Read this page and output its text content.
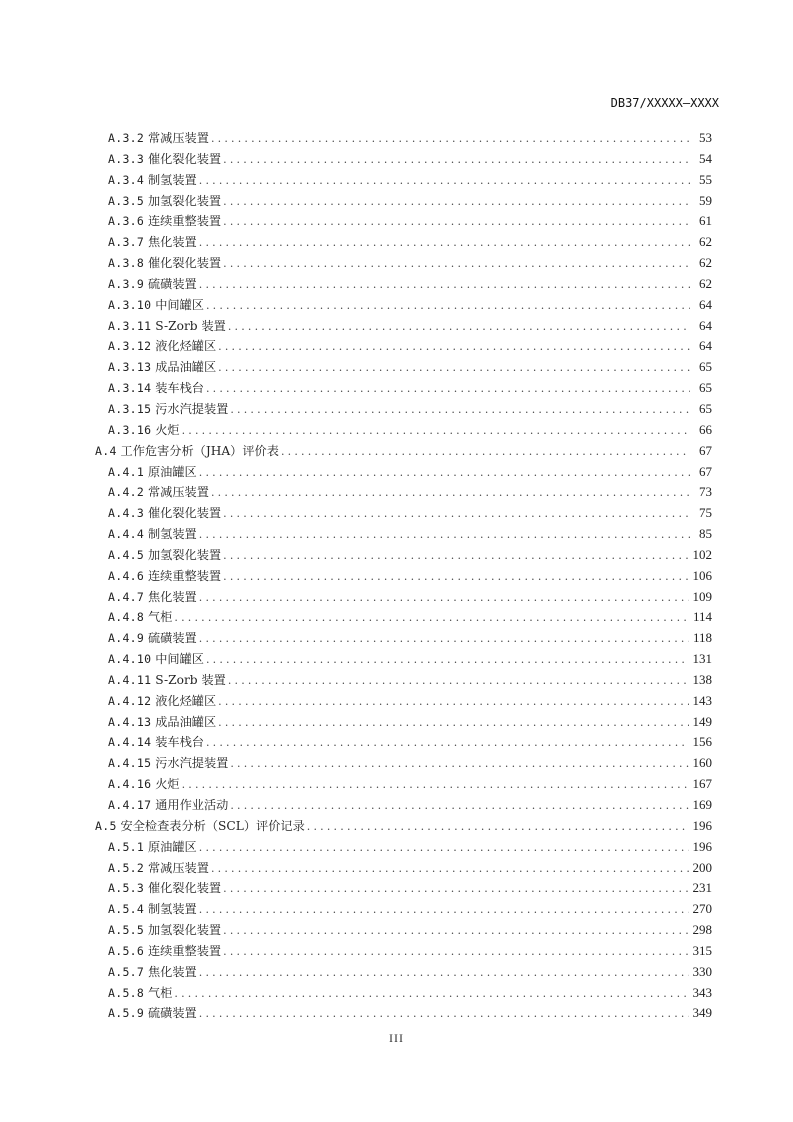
DB37/XXXXX—XXXX
A.3.2 常减压装置 .....	53
A.3.3 催化裂化装置 .....	54
A.3.4 制氢装置 .....	55
A.3.5 加氢裂化装置 .....	59
A.3.6 连续重整装置 .....	61
A.3.7 焦化装置 .....	62
A.3.8 催化裂化装置 .....	62
A.3.9 硫磺装置 .....	62
A.3.10 中间罐区 .....	64
A.3.11 S-Zorb 装置 .....	64
A.3.12 液化烃罐区 .....	64
A.3.13 成品油罐区 .....	65
A.3.14 装车栈台 .....	65
A.3.15 污水汽提装置 .....	65
A.3.16 火炬 .....	66
A.4 工作危害分析（JHA）评价表 .....	67
A.4.1 原油罐区 .....	67
A.4.2 常减压装置 .....	73
A.4.3 催化裂化装置 .....	75
A.4.4 制氢装置 .....	85
A.4.5 加氢裂化装置 .....	102
A.4.6 连续重整装置 .....	106
A.4.7 焦化装置 .....	109
A.4.8 气柜 .....	114
A.4.9 硫磺装置 .....	118
A.4.10 中间罐区 .....	131
A.4.11 S-Zorb 装置 .....	138
A.4.12 液化烃罐区 .....	143
A.4.13 成品油罐区 .....	149
A.4.14 装车栈台 .....	156
A.4.15 污水汽提装置 .....	160
A.4.16 火炬 .....	167
A.4.17 通用作业活动 .....	169
A.5 安全检查表分析（SCL）评价记录 .....	196
A.5.1 原油罐区 .....	196
A.5.2 常减压装置 .....	200
A.5.3 催化裂化装置 .....	231
A.5.4 制氢装置 .....	270
A.5.5 加氢裂化装置 .....	298
A.5.6 连续重整装置 .....	315
A.5.7 焦化装置 .....	330
A.5.8 气柜 .....	343
A.5.9 硫磺装置 .....	349
III
